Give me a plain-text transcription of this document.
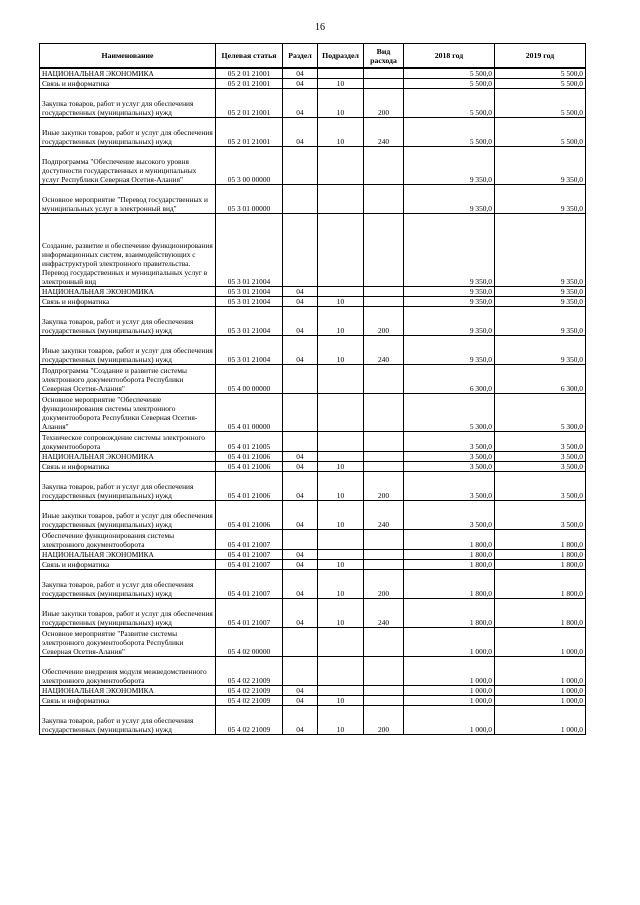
16
Наименование	Целевая статья	Раздел	Подраздел	Вид расхода	2018 год	2019 год
НАЦИОНАЛЬНАЯ ЭКОНОМИКА	05 2 01 21001	04			5 500,0	5 500,0
Связь и информатика	05 2 01 21001	04	10		5 500,0	5 500,0
Закупка товаров, работ и услуг для обеспечения государственных (муниципальных) нужд	05 2 01 21001	04	10	200	5 500,0	5 500,0
Иные закупки товаров, работ и услуг для обеспечения государственных (муниципальных) нужд	05 2 01 21001	04	10	240	5 500,0	5 500,0
Подпрограмма "Обеспечение высокого уровня доступности государственных и муниципальных услуг Республики Северная Осетия-Алания"	05 3 00 00000				9 350,0	9 350,0
Основное мероприятие "Перевод государственных и муниципальных услуг в электронный вид"	05 3 01 00000				9 350,0	9 350,0
Создание, развитие и обеспечение функционирования информационных систем, взаимодействующих с инфраструктурой электронного правительства. Перевод государственных и муниципальных услуг в электронный вид	05 3 01 21004				9 350,0	9 350,0
НАЦИОНАЛЬНАЯ ЭКОНОМИКА	05 3 01 21004	04			9 350,0	9 350,0
Связь и информатика	05 3 01 21004	04	10		9 350,0	9 350,0
Закупка товаров, работ и услуг для обеспечения государственных (муниципальных) нужд	05 3 01 21004	04	10	200	9 350,0	9 350,0
Иные закупки товаров, работ и услуг для обеспечения государственных (муниципальных) нужд	05 3 01 21004	04	10	240	9 350,0	9 350,0
Подпрограмма "Создание и развитие системы электронного документооборота Республики Северная Осетия-Алания"	05 4 00 00000				6 300,0	6 300,0
Основное мероприятие "Обеспечение функционирования системы электронного документооборота Республики Северная Осетия-Алания"	05 4 01 00000				5 300,0	5 300,0
Техническое сопровождение системы электронного документооборота	05 4 01 21005				3 500,0	3 500,0
НАЦИОНАЛЬНАЯ ЭКОНОМИКА	05 4 01 21006	04			3 500,0	3 500,0
Связь и информатика	05 4 01 21006	04	10		3 500,0	3 500,0
Закупка товаров, работ и услуг для обеспечения государственных (муниципальных) нужд	05 4 01 21006	04	10	200	3 500,0	3 500,0
Иные закупки товаров, работ и услуг для обеспечения государственных (муниципальных) нужд	05 4 01 21006	04	10	240	3 500,0	3 500,0
Обеспечение функционирования системы электронного документооборота	05 4 01 21007				1 800,0	1 800,0
НАЦИОНАЛЬНАЯ ЭКОНОМИКА	05 4 01 21007	04			1 800,0	1 800,0
Связь и информатика	05 4 01 21007	04	10		1 800,0	1 800,0
Закупка товаров, работ и услуг для обеспечения государственных (муниципальных) нужд	05 4 01 21007	04	10	200	1 800,0	1 800,0
Иные закупки товаров, работ и услуг для обеспечения государственных (муниципальных) нужд	05 4 01 21007	04	10	240	1 800,0	1 800,0
Основное мероприятие "Развитие системы электронного документооборота Республики Северная Осетия-Алания"	05 4 02 00000				1 000,0	1 000,0
Обеспечение внедрения модуля межведомственного электронного документооборота	05 4 02 21009				1 000,0	1 000,0
НАЦИОНАЛЬНАЯ ЭКОНОМИКА	05 4 02 21009	04			1 000,0	1 000,0
Связь и информатика	05 4 02 21009	04	10		1 000,0	1 000,0
Закупка товаров, работ и услуг для обеспечения государственных (муниципальных) нужд	05 4 02 21009	04	10	200	1 000,0	1 000,0
